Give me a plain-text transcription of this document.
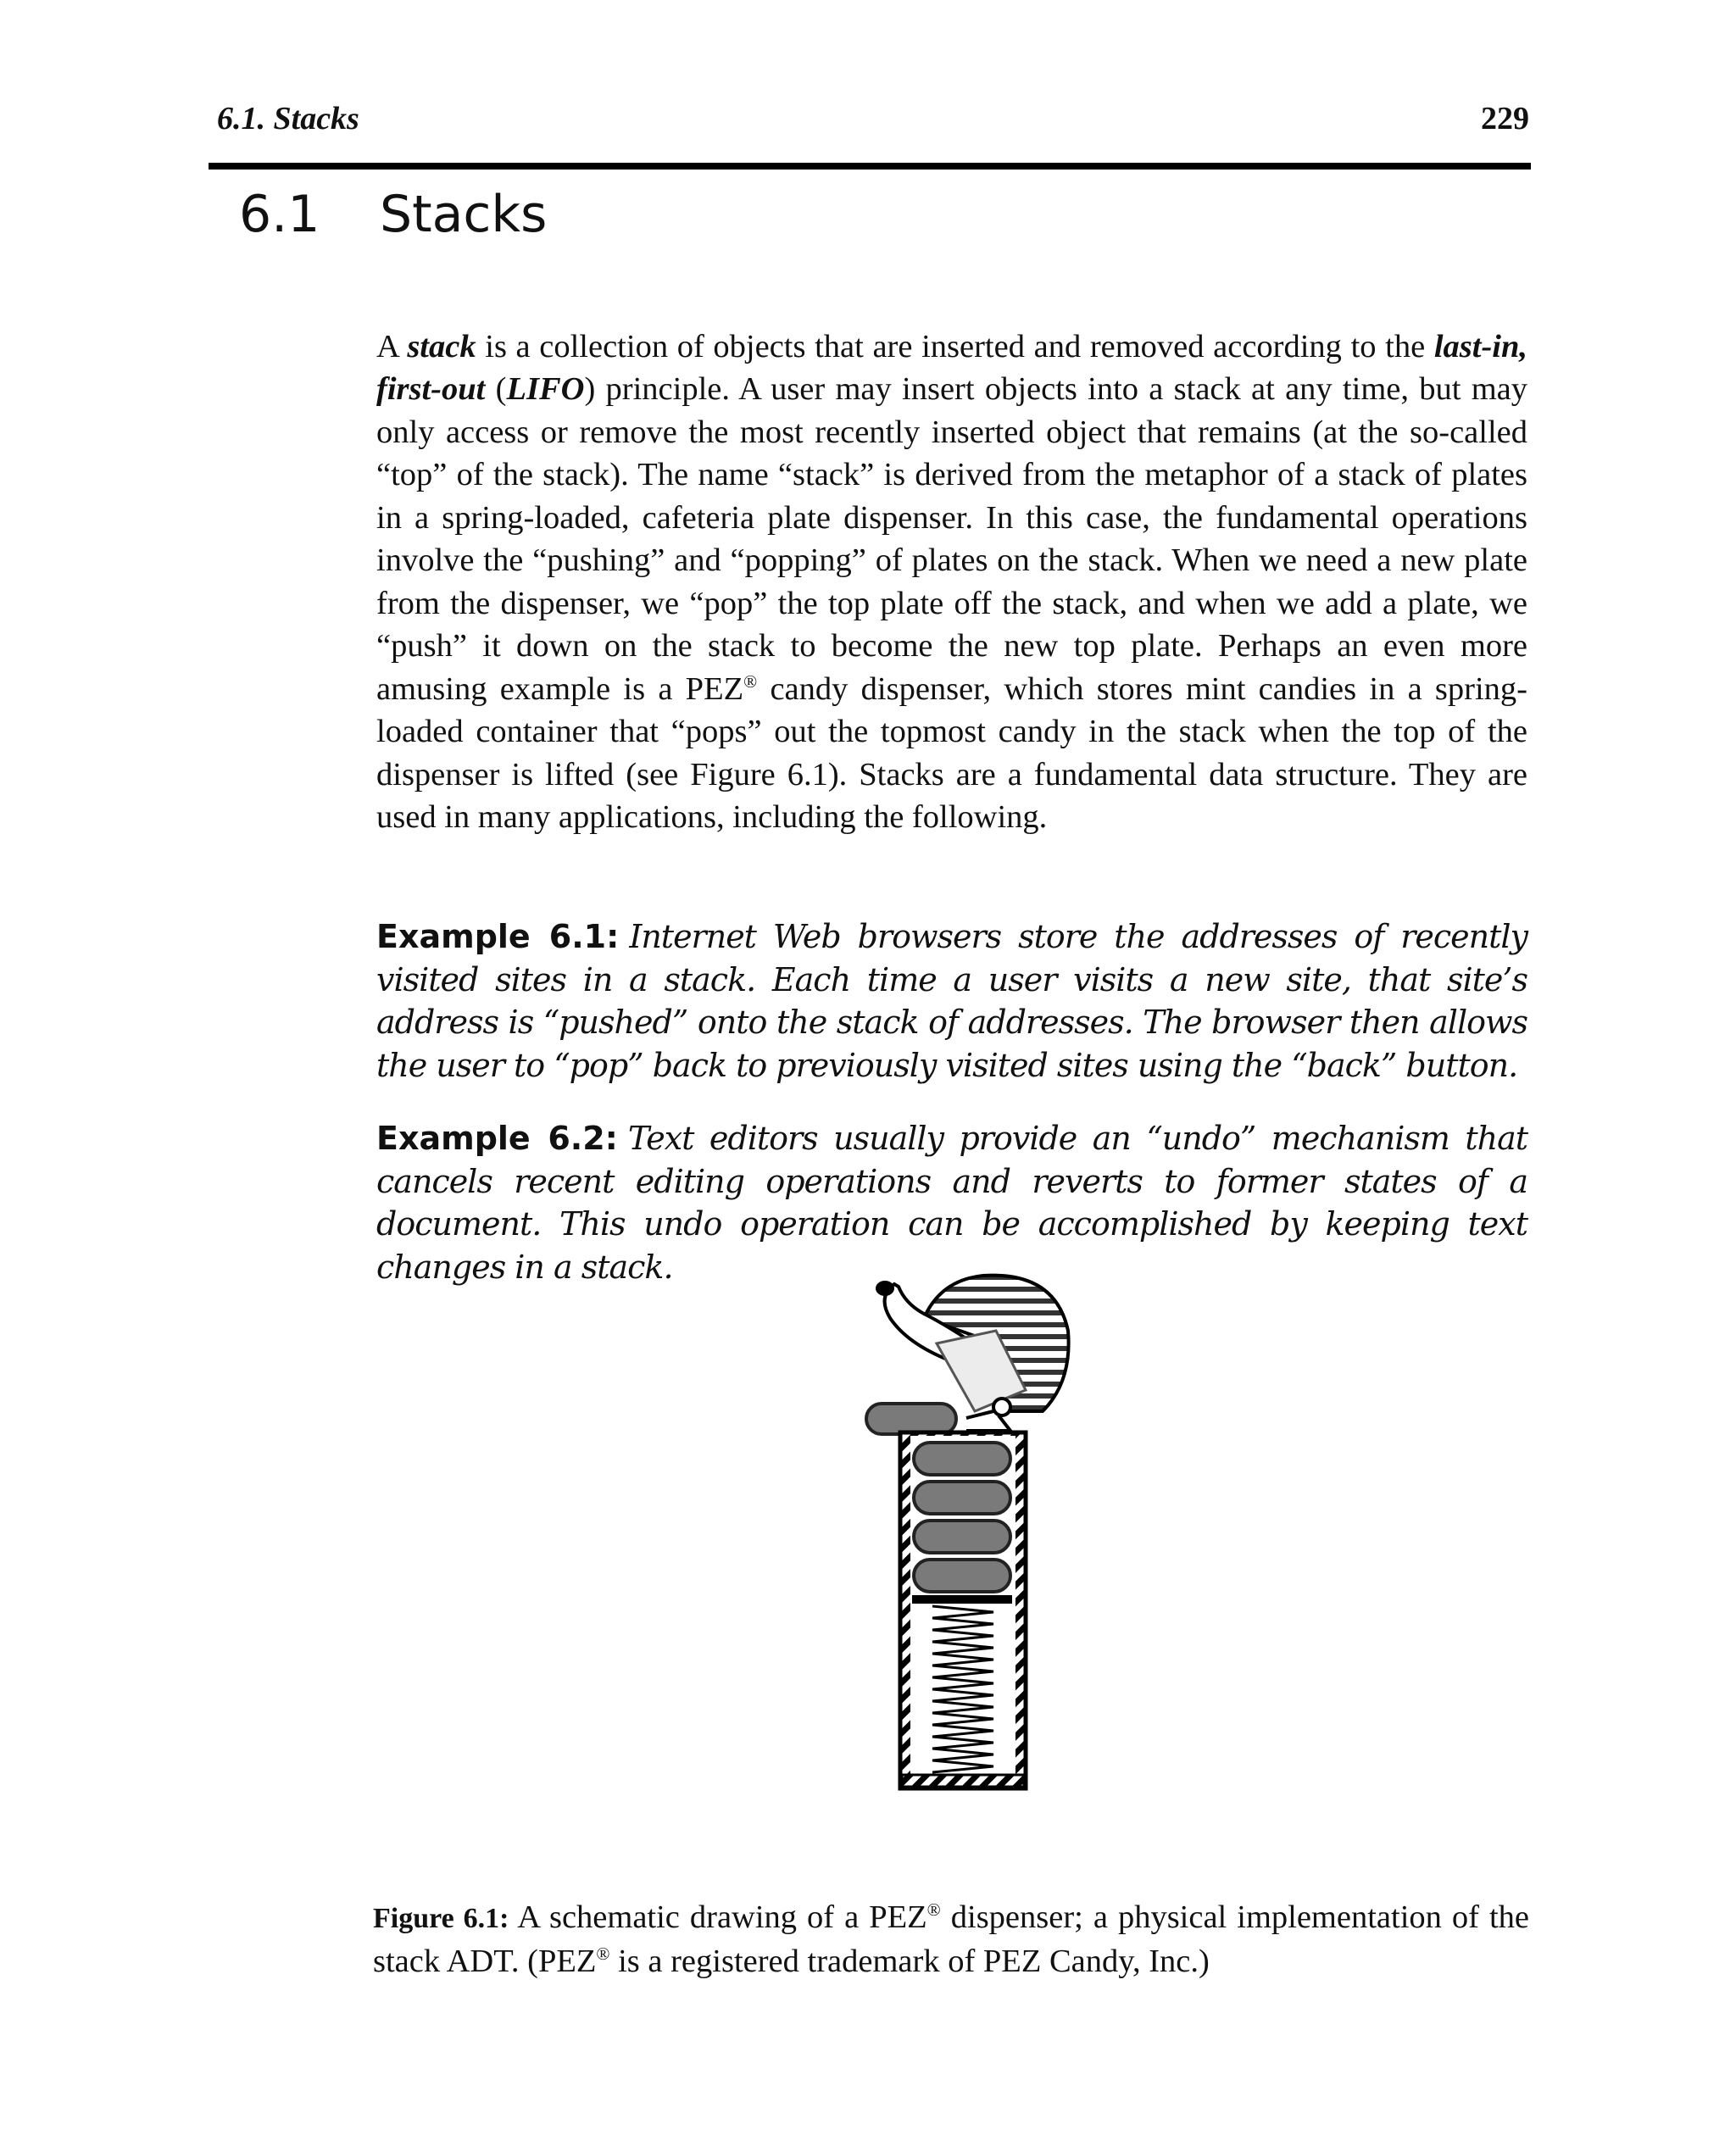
6.1. Stacks	229
6.1 Stacks

A stack is a collection of objects that are inserted and removed according to the last-in, first-out (LIFO) principle. A user may insert objects into a stack at any time, but may only access or remove the most recently inserted object that remains (at the so-called “top” of the stack). The name “stack” is derived from the metaphor of a stack of plates in a spring-loaded, cafeteria plate dispenser. In this case, the fundamental operations involve the “pushing” and “popping” of plates on the stack. When we need a new plate from the dispenser, we “pop” the top plate off the stack, and when we add a plate, we “push” it down on the stack to become the new top plate. Perhaps an even more amusing example is a PEZ® candy dispenser, which stores mint candies in a spring-loaded container that “pops” out the topmost candy in the stack when the top of the dispenser is lifted (see Figure 6.1). Stacks are a fundamental data structure. They are used in many applications, including the following.

Example 6.1: Internet Web browsers store the addresses of recently visited sites in a stack. Each time a user visits a new site, that site’s address is “pushed” onto the stack of addresses. The browser then allows the user to “pop” back to previously visited sites using the “back” button.

Example 6.2: Text editors usually provide an “undo” mechanism that cancels recent editing operations and reverts to former states of a document. This undo operation can be accomplished by keeping text changes in a stack.

Figure 6.1: A schematic drawing of a PEZ® dispenser; a physical implementation of the stack ADT. (PEZ® is a registered trademark of PEZ Candy, Inc.)
